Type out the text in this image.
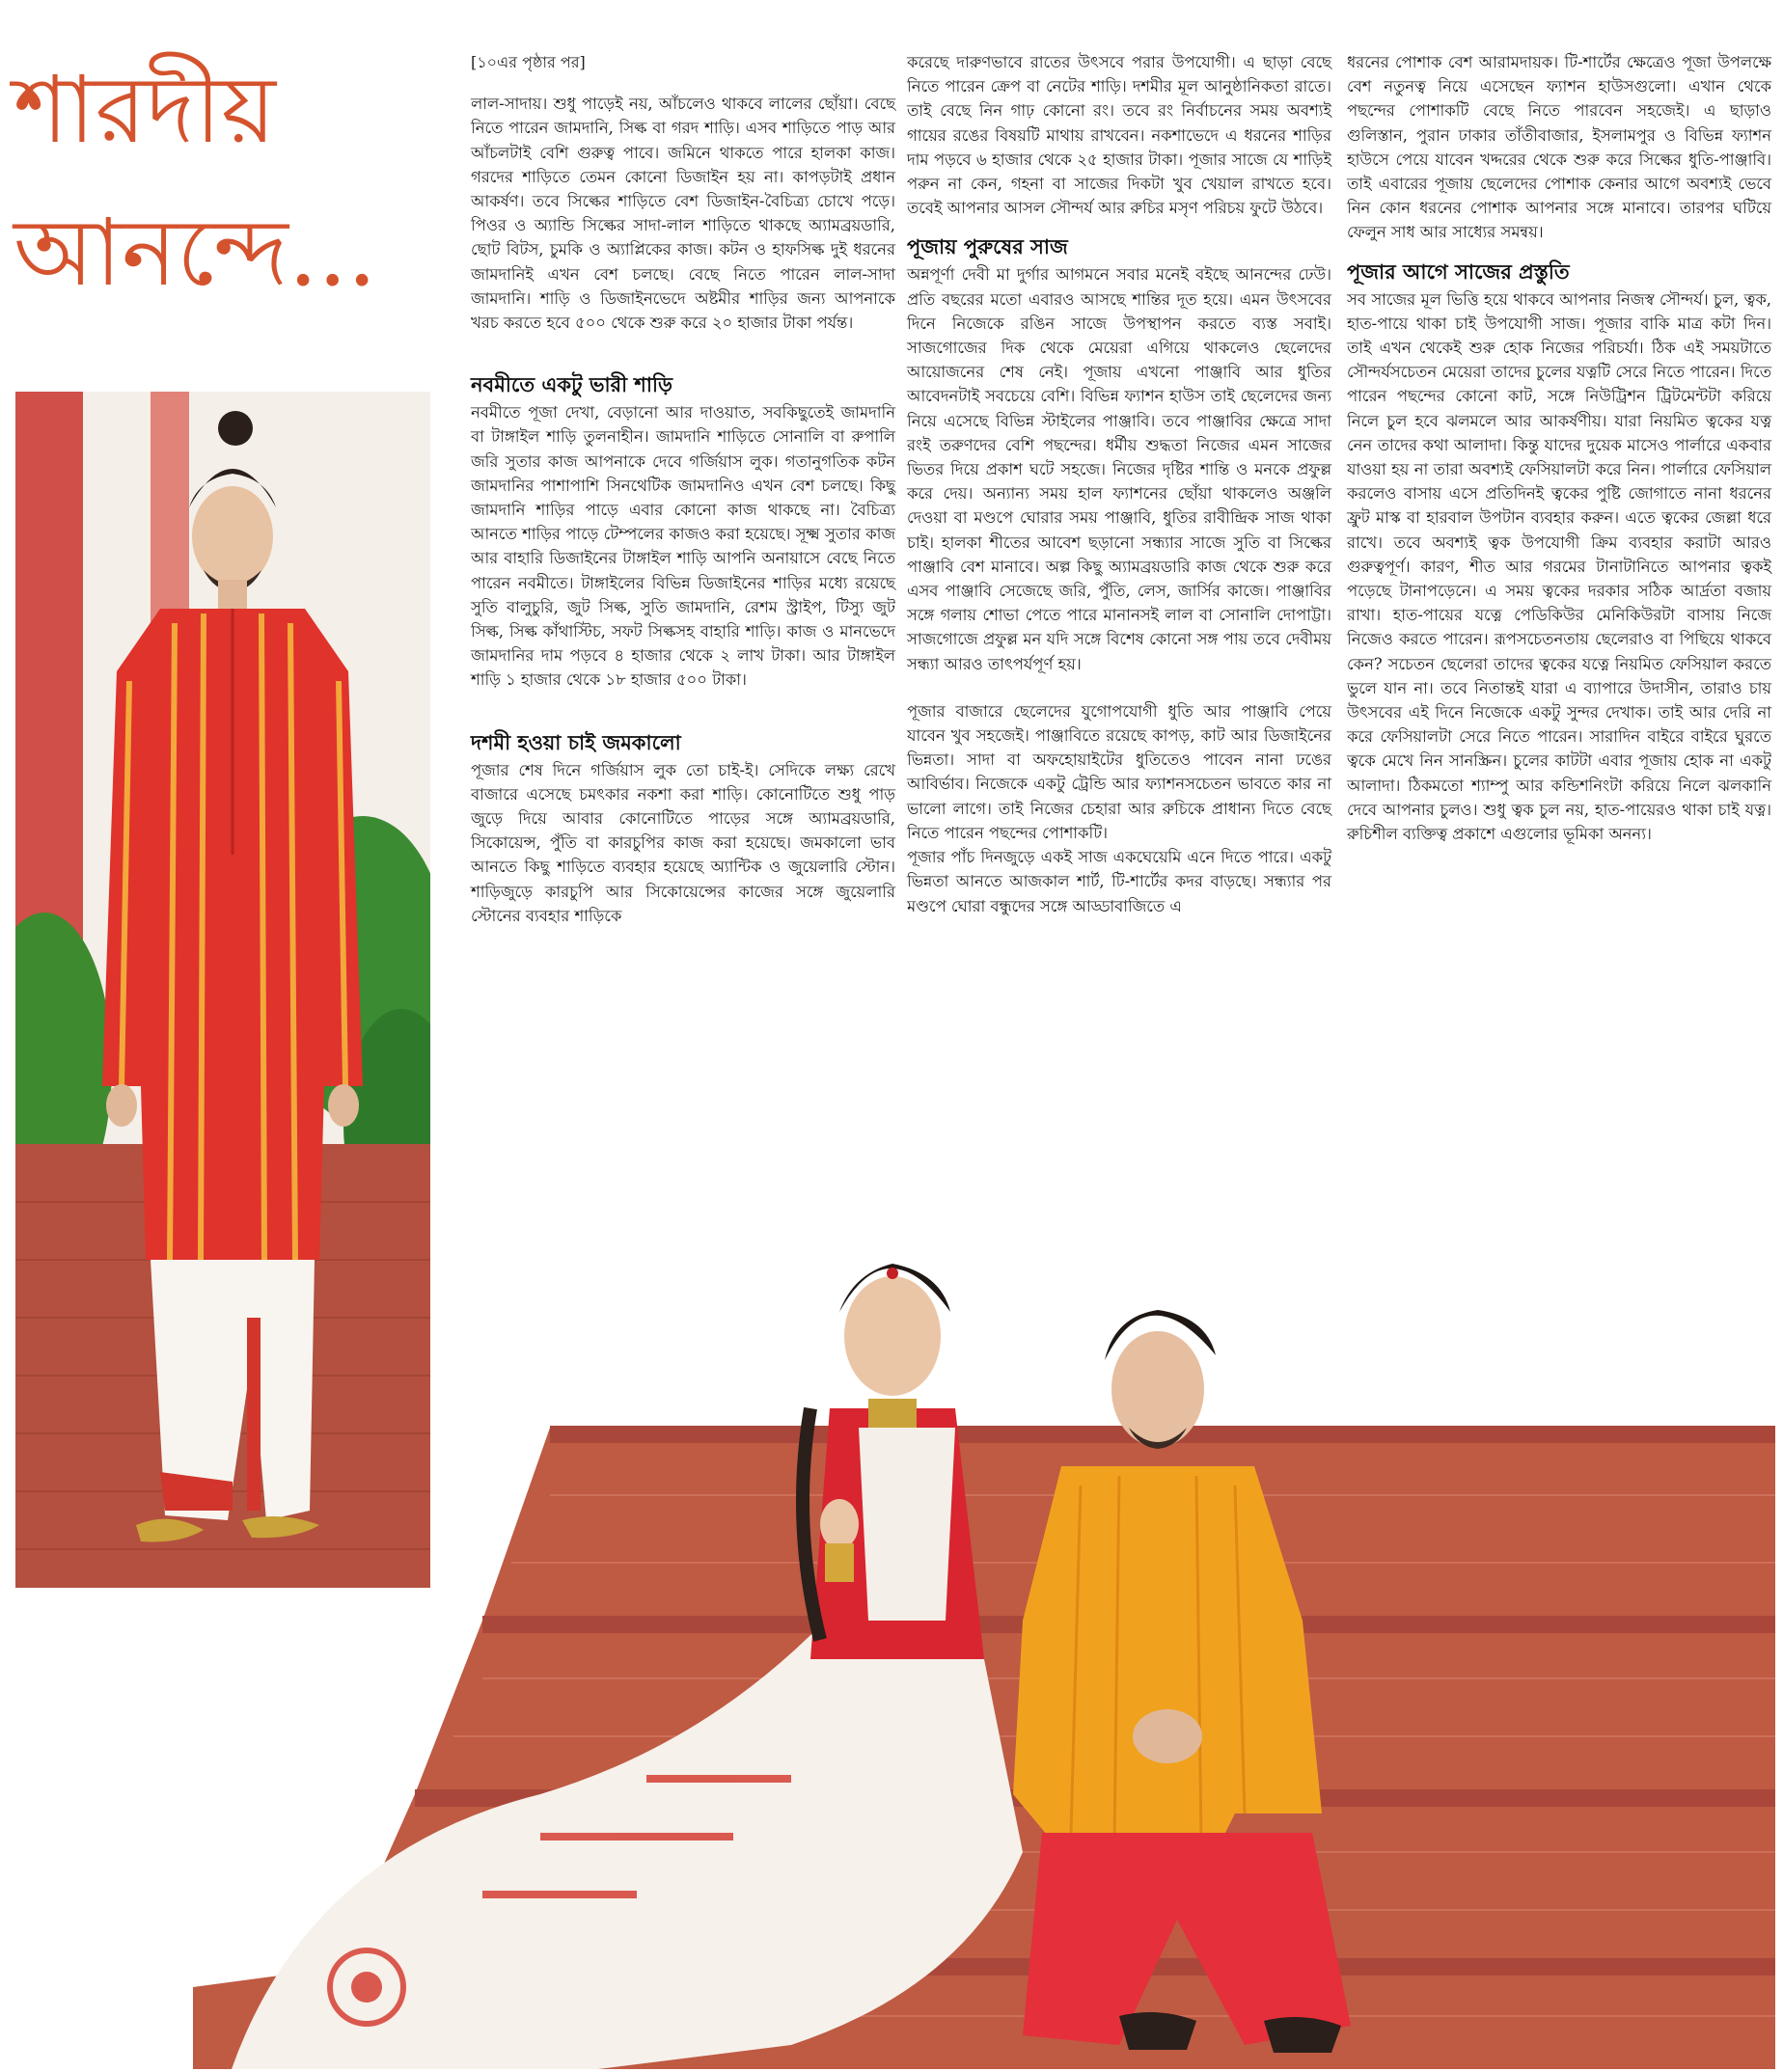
শারদীয়
আনন্দে...

[১০এর পৃষ্ঠার পর]

লাল-সাদায়। শুধু পাড়েই নয়, আঁচলেও থাকবে লালের ছোঁয়া। বেছে নিতে পারেন জামদানি, সিল্ক বা গরদ শাড়ি। এসব শাড়িতে পাড় আর আঁচলটাই বেশি গুরুত্ব পাবে। জমিনে থাকতে পারে হালকা কাজ। গরদের শাড়িতে তেমন কোনো ডিজাইন হয় না। কাপড়টাই প্রধান আকর্ষণ। তবে সিল্কের শাড়িতে বেশ ডিজাইন-বৈচিত্র্য চোখে পড়ে। পিওর ও অ্যান্ডি সিল্কের সাদা-লাল শাড়িতে থাকছে অ্যামব্রয়ডারি, ছোট বিটস, চুমকি ও অ্যাপ্লিকের কাজ। কটন ও হাফসিল্ক দুই ধরনের জামদানিই এখন বেশ চলছে। বেছে নিতে পারেন লাল-সাদা জামদানি। শাড়ি ও ডিজাইনভেদে অষ্টমীর শাড়ির জন্য আপনাকে খরচ করতে হবে ৫০০ থেকে শুরু করে ২০ হাজার টাকা পর্যন্ত।

নবমীতে একটু ভারী শাড়ি

নবমীতে পূজা দেখা, বেড়ানো আর দাওয়াত, সবকিছুতেই জামদানি বা টাঙ্গাইল শাড়ি তুলনাহীন। জামদানি শাড়িতে সোনালি বা রুপালি জরি সুতার কাজ আপনাকে দেবে গর্জিয়াস লুক। গতানুগতিক কটন জামদানির পাশাপাশি সিনথেটিক জামদানিও এখন বেশ চলছে। কিছু জামদানি শাড়ির পাড়ে এবার কোনো কাজ থাকছে না। বৈচিত্র্য আনতে শাড়ির পাড়ে টেম্পলের কাজও করা হয়েছে। সূক্ষ্ম সুতার কাজ আর বাহারি ডিজাইনের টাঙ্গাইল শাড়ি আপনি অনায়াসে বেছে নিতে পারেন নবমীতে। টাঙ্গাইলের বিভিন্ন ডিজাইনের শাড়ির মধ্যে রয়েছে সুতি বালুচুরি, জুট সিল্ক, সুতি জামদানি, রেশম স্ট্রাইপ, টিস্যু জুট সিল্ক, সিল্ক কাঁথাস্টিচ, সফট সিল্কসহ বাহারি শাড়ি। কাজ ও মানভেদে জামদানির দাম পড়বে ৪ হাজার থেকে ২ লাখ টাকা। আর টাঙ্গাইল শাড়ি ১ হাজার থেকে ১৮ হাজার ৫০০ টাকা।

দশমী হওয়া চাই জমকালো

পূজার শেষ দিনে গর্জিয়াস লুক তো চাই-ই। সেদিকে লক্ষ্য রেখে বাজারে এসেছে চমৎকার নকশা করা শাড়ি। কোনোটিতে শুধু পাড় জুড়ে দিয়ে আবার কোনোটিতে পাড়ের সঙ্গে অ্যামব্রয়ডারি, সিকোয়েন্স, পুঁতি বা কারচুপির কাজ করা হয়েছে। জমকালো ভাব আনতে কিছু শাড়িতে ব্যবহার হয়েছে অ্যান্টিক ও জুয়েলারি স্টোন। শাড়িজুড়ে কারচুপি আর সিকোয়েন্সের কাজের সঙ্গে জুয়েলারি স্টোনের ব্যবহার শাড়িকে

করেছে দারুণভাবে রাতের উৎসবে পরার উপযোগী। এ ছাড়া বেছে নিতে পারেন ক্রেপ বা নেটের শাড়ি। দশমীর মূল আনুষ্ঠানিকতা রাতে। তাই বেছে নিন গাঢ় কোনো রং। তবে রং নির্বাচনের সময় অবশ্যই গায়ের রঙের বিষয়টি মাথায় রাখবেন। নকশাভেদে এ ধরনের শাড়ির দাম পড়বে ৬ হাজার থেকে ২৫ হাজার টাকা। পূজার সাজে যে শাড়িই পরুন না কেন, গহনা বা সাজের দিকটা খুব খেয়াল রাখতে হবে। তবেই আপনার আসল সৌন্দর্য আর রুচির মসৃণ পরিচয় ফুটে উঠবে।

পূজায় পুরুষের সাজ

অন্নপূর্ণা দেবী মা দুর্গার আগমনে সবার মনেই বইছে আনন্দের ঢেউ। প্রতি বছরের মতো এবারও আসছে শান্তির দূত হয়ে। এমন উৎসবের দিনে নিজেকে রঙিন সাজে উপস্থাপন করতে ব্যস্ত সবাই। সাজগোজের দিক থেকে মেয়েরা এগিয়ে থাকলেও ছেলেদের আয়োজনের শেষ নেই। পূজায় এখনো পাঞ্জাবি আর ধুতির আবেদনটাই সবচেয়ে বেশি। বিভিন্ন ফ্যাশন হাউস তাই ছেলেদের জন্য নিয়ে এসেছে বিভিন্ন স্টাইলের পাঞ্জাবি। তবে পাঞ্জাবির ক্ষেত্রে সাদা রংই তরুণদের বেশি পছন্দের। ধর্মীয় শুদ্ধতা নিজের এমন সাজের ভিতর দিয়ে প্রকাশ ঘটে সহজে। নিজের দৃষ্টির শান্তি ও মনকে প্রফুল্ল করে দেয়। অন্যান্য সময় হাল ফ্যাশনের ছোঁয়া থাকলেও অঞ্জলি দেওয়া বা মণ্ডপে ঘোরার সময় পাঞ্জাবি, ধুতির রাবীন্দ্রিক সাজ থাকা চাই। হালকা শীতের আবেশ ছড়ানো সন্ধ্যার সাজে সুতি বা সিল্কের পাঞ্জাবি বেশ মানাবে। অল্প কিছু অ্যামব্রয়ডারি কাজ থেকে শুরু করে এসব পাঞ্জাবি সেজেছে জরি, পুঁতি, লেস, জার্সির কাজে। পাঞ্জাবির সঙ্গে গলায় শোভা পেতে পারে মানানসই লাল বা সোনালি দোপাট্টা। সাজগোজে প্রফুল্ল মন যদি সঙ্গে বিশেষ কোনো সঙ্গ পায় তবে দেবীময় সন্ধ্যা আরও তাৎপর্যপূর্ণ হয়।

পূজার বাজারে ছেলেদের যুগোপযোগী ধুতি আর পাঞ্জাবি পেয়ে যাবেন খুব সহজেই। পাঞ্জাবিতে রয়েছে কাপড়, কাট আর ডিজাইনের ভিন্নতা। সাদা বা অফহোয়াইটের ধুতিতেও পাবেন নানা ঢঙের আবির্ভাব। নিজেকে একটু ট্রেন্ডি আর ফ্যাশনসচেতন ভাবতে কার না ভালো লাগে। তাই নিজের চেহারা আর রুচিকে প্রাধান্য দিতে বেছে নিতে পারেন পছন্দের পোশাকটি।

পূজার পাঁচ দিনজুড়ে একই সাজ একঘেয়েমি এনে দিতে পারে। একটু ভিন্নতা আনতে আজকাল শার্ট, টি-শার্টের কদর বাড়ছে। সন্ধ্যার পর মণ্ডপে ঘোরা বন্ধুদের সঙ্গে আড্ডাবাজিতে এ

ধরনের পোশাক বেশ আরামদায়ক। টি-শার্টের ক্ষেত্রেও পূজা উপলক্ষে বেশ নতুনত্ব নিয়ে এসেছেন ফ্যাশন হাউসগুলো। এখান থেকে পছন্দের পোশাকটি বেছে নিতে পারবেন সহজেই। এ ছাড়াও গুলিস্তান, পুরান ঢাকার তাঁতীবাজার, ইসলামপুর ও বিভিন্ন ফ্যাশন হাউসে পেয়ে যাবেন খদ্দরের থেকে শুরু করে সিল্কের ধুতি-পাঞ্জাবি। তাই এবারের পূজায় ছেলেদের পোশাক কেনার আগে অবশ্যই ভেবে নিন কোন ধরনের পোশাক আপনার সঙ্গে মানাবে। তারপর ঘটিয়ে ফেলুন সাধ আর সাধ্যের সমন্বয়।

পূজার আগে সাজের প্রস্তুতি

সব সাজের মূল ভিত্তি হয়ে থাকবে আপনার নিজস্ব সৌন্দর্য। চুল, ত্বক, হাত-পায়ে থাকা চাই উপযোগী সাজ। পূজার বাকি মাত্র কটা দিন। তাই এখন থেকেই শুরু হোক নিজের পরিচর্যা। ঠিক এই সময়টাতে সৌন্দর্যসচেতন মেয়েরা তাদের চুলের যত্নটি সেরে নিতে পারেন। দিতে পারেন পছন্দের কোনো কাট, সঙ্গে নিউট্রিশন ট্রিটমেন্টটা করিয়ে নিলে চুল হবে ঝলমলে আর আকর্ষণীয়। যারা নিয়মিত ত্বকের যত্ন নেন তাদের কথা আলাদা। কিন্তু যাদের দুয়েক মাসেও পার্লারে একবার যাওয়া হয় না তারা অবশ্যই ফেসিয়ালটা করে নিন। পার্লারে ফেসিয়াল করলেও বাসায় এসে প্রতিদিনই ত্বকের পুষ্টি জোগাতে নানা ধরনের ফ্রুট মাস্ক বা হারবাল উপটান ব্যবহার করুন। এতে ত্বকের জেল্লা ধরে রাখে। তবে অবশ্যই ত্বক উপযোগী ক্রিম ব্যবহার করাটা আরও গুরুত্বপূর্ণ। কারণ, শীত আর গরমের টানাটানিতে আপনার ত্বকই পড়েছে টানাপড়েনে। এ সময় ত্বকের দরকার সঠিক আর্দ্রতা বজায় রাখা। হাত-পায়ের যত্নে পেডিকিউর মেনিকিউরটা বাসায় নিজে নিজেও করতে পারেন। রূপসচেতনতায় ছেলেরাও বা পিছিয়ে থাকবে কেন? সচেতন ছেলেরা তাদের ত্বকের যত্নে নিয়মিত ফেসিয়াল করতে ভুলে যান না। তবে নিতান্তই যারা এ ব্যাপারে উদাসীন, তারাও চায় উৎসবের এই দিনে নিজেকে একটু সুন্দর দেখাক। তাই আর দেরি না করে ফেসিয়ালটা সেরে নিতে পারেন। সারাদিন বাইরে বাইরে ঘুরতে ত্বকে মেখে নিন সানস্ক্রিন। চুলের কাটটা এবার পূজায় হোক না একটু আলাদা। ঠিকমতো শ্যাম্পু আর কন্ডিশনিংটা করিয়ে নিলে ঝলকানি দেবে আপনার চুলও। শুধু ত্বক চুল নয়, হাত-পায়েরও থাকা চাই যত্ন। রুচিশীল ব্যক্তিত্ব প্রকাশে এগুলোর ভূমিকা অনন্য।
